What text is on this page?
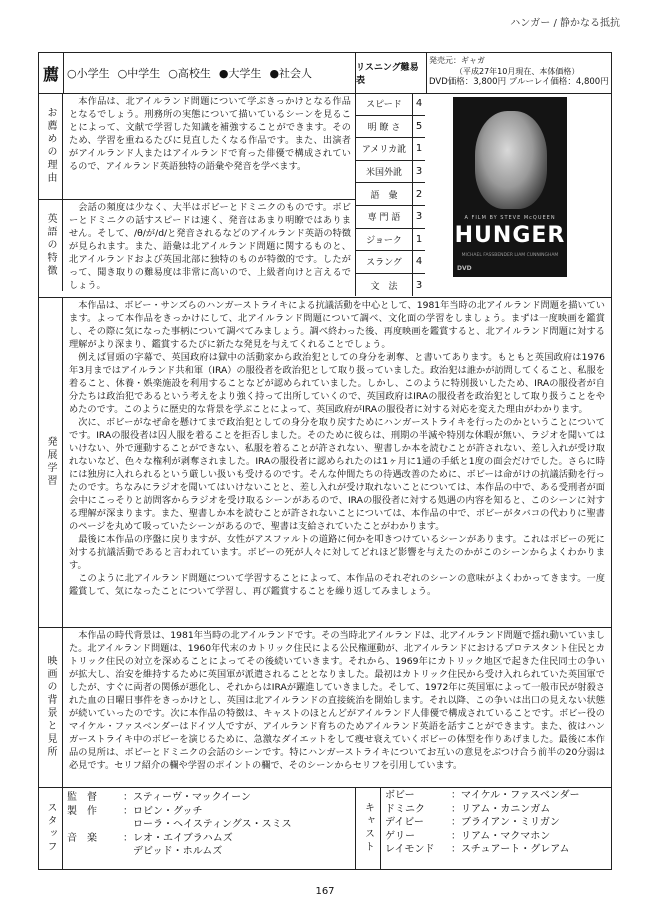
ハンガー / 静かなる抵抗
薦 ○小学生 ○中学生 ○高校生 ●大学生 ●社会人	リスニング難易表
発売元：ギャガ
（平成27年10月現在、本体価格）
DVD価格：3,800円 ブルーレイ価格：4,800円
お薦めの理由

本作品は、北アイルランド問題について学ぶきっかけとなる作品となるでしょう。刑務所の実態について描いているシーンを見ることによって、文献で学習した知識を補強することができます。そのため、学習を重ねるたびに見直したくなる作品です。また、出演者がアイルランド人またはアイルランドで育った俳優で構成されているので、アイルランド英語独特の語彙や発音を学べます。

英語の特徴

会話の頻度は少なく、大半はボビーとドミニクのものです。ボビーとドミニクの話すスピードは速く、発音はあまり明瞭ではありません。そして、/θ/が/d/と発音されるなどのアイルランド英語の特徴が見られます。また、語彙は北アイルランド問題に関するものと、北アイルランドおよび英国北部に独特のものが特徴的です。したがって、聞き取りの難易度は非常に高いので、上級者向けと言えるでしょう。

スピード	4
明 瞭 さ	5
アメリカ訛 1
米国外訛	3
語　彙	2
専 門 語	3
ジョーク	1
スラング	4
文　法	3
A FILM BY STEVE McQUEEN
HUNGER
MICHAEL FASSBENDER LIAM CUNNINGHAM
DVD
発展学習

本作品は、ボビー・サンズらのハンガーストライキによる抗議活動を中心として、1981年当時の北アイルランド問題を描いています。よって本作品をきっかけにして、北アイルランド問題について調べ、文化面の学習をしましょう。まずは一度映画を鑑賞し、その際に気になった事柄について調べてみましょう。調べ終わった後、再度映画を鑑賞すると、北アイルランド問題に対する理解がより深まり、鑑賞するたびに新たな発見を与えてくれることでしょう。

例えば冒頭の字幕で、英国政府は獄中の活動家から政治犯としての身分を剥奪、と書いてあります。もともと英国政府は1976年3月まではアイルランド共和軍（IRA）の服役者を政治犯として取り扱っていました。政治犯は誰かが訪問してくること、私服を着ること、休養・娯楽施設を利用することなどが認められていました。しかし、このように特別扱いしたため、IRAの服役者が自分たちは政治犯であるという考えをより強く持って出所していくので、英国政府はIRAの服役者を政治犯として取り扱うことをやめたのです。このように歴史的な背景を学ぶことによって、英国政府がIRAの服役者に対する対応を変えた理由がわかります。

次に、ボビーがなぜ命を懸けてまで政治犯としての身分を取り戻すためにハンガーストライキを行ったのかということについてです。IRAの服役者は囚人服を着ることを拒否しました。そのために彼らは、刑期の半減や特別な休暇が無い、ラジオを聞いてはいけない、外で運動することができない、私服を着ることが許されない、聖書しか本を読むことが許されない、差し入れが受け取れないなど、色々な権利が剥奪されました。IRAの服役者に認められたのは1ヶ月に1通の手紙と1度の面会だけでした。さらに時には独房に入れられるという厳しい扱いも受けるのです。そんな仲間たちの待遇改善のために、ボビーは命がけの抗議活動を行ったのです。ちなみにラジオを聞いてはいけないことと、差し入れが受け取れないことについては、本作品の中で、ある受刑者が面会中にこっそりと訪問客からラジオを受け取るシーンがあるので、IRAの服役者に対する処遇の内容を知ると、このシーンに対する理解が深まります。また、聖書しか本を読むことが許されないことについては、本作品の中で、ボビーがタバコの代わりに聖書のページを丸めて吸っていたシーンがあるので、聖書は支給されていたことがわかります。

最後に本作品の序盤に戻りますが、女性がアスファルトの道路に何かを叩きつけているシーンがあります。これはボビーの死に対する抗議活動であると言われています。ボビーの死が人々に対してどれほど影響を与えたのかがこのシーンからよくわかります。

このように北アイルランド問題について学習することによって、本作品のそれぞれのシーンの意味がよくわかってきます。一度鑑賞して、気になったことについて学習し、再び鑑賞することを繰り返してみましょう。

映画の背景と見所

本作品の時代背景は、1981年当時の北アイルランドです。その当時北アイルランドは、北アイルランド問題で揺れ動いていました。北アイルランド問題は、1960年代末のカトリック住民による公民権運動が、北アイルランドにおけるプロテスタント住民とカトリック住民の対立を深めることによってその後続いていきます。それから、1969年にカトリック地区で起きた住民同士の争いが拡大し、治安を維持するために英国軍が派遣されることとなりました。最初はカトリック住民から受け入れられていた英国軍でしたが、すぐに両者の関係が悪化し、それからはIRAが躍進していきました。そして、1972年に英国軍によって一般市民が射殺された血の日曜日事件をきっかけとし、英国は北アイルランドの直接統治を開始します。それ以降、この争いは出口の見えない状態が続いていったのです。次に本作品の特徴は、キャストのほとんどがアイルランド人俳優で構成されていることです。ボビー役のマイケル・ファスベンダーはドイツ人ですが、アイルランド育ちのためアイルランド英語を話すことができます。また、彼はハンガーストライキ中のボビーを演じるために、急激なダイエットをして痩せ衰えていくボビーの体型を作りあげました。最後に本作品の見所は、ボビーとドミニクの会話のシーンです。特にハンガーストライキについてお互いの意見をぶつけ合う前半の20分弱は必見です。セリフ紹介の欄や学習のポイントの欄で、そのシーンからセリフを引用しています。

スタッフ
監　督	：スティーヴ・マックイーン
製　作	：ロビン・グッチ
　ローラ・ヘイスティングス・スミス
音　楽	：レオ・エイブラハムズ
　デビッド・ホルムズ	キャスト
ボビー	：マイケル・ファスベンダー
ドミニク	：リアム・カニンガム
デイビー	：ブライアン・ミリガン
ゲリー	：リアム・マクマホン
レイモンド	：スチュアート・グレアム
167
